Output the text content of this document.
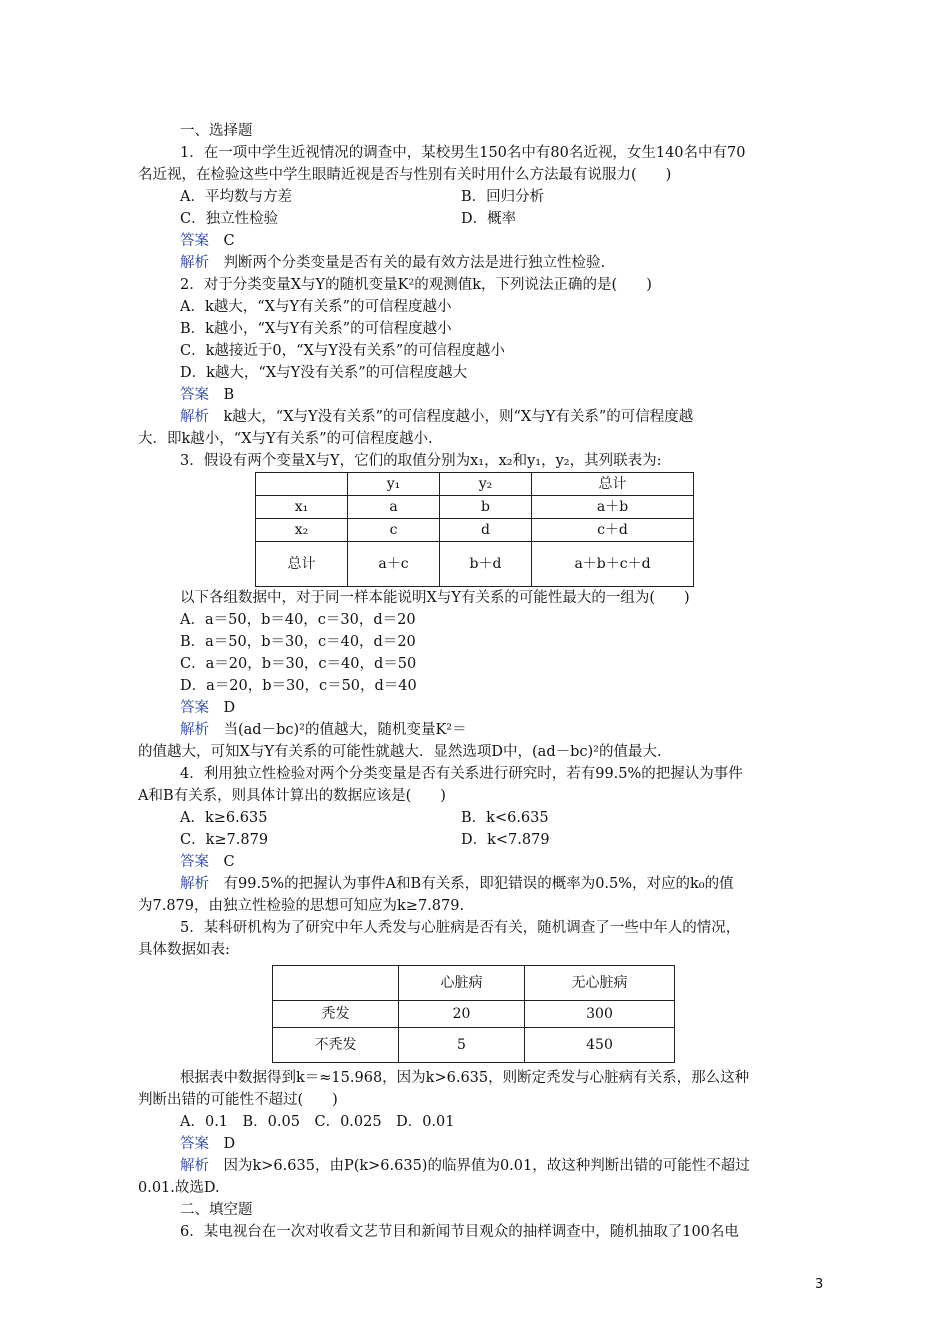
一、选择题

1．在一项中学生近视情况的调查中，某校男生150名中有80名近视，女生140名中有70

名近视，在检验这些中学生眼睛近视是否与性别有关时用什么方法最有说服力(　　)

A．平均数与方差	B．回归分析
C．独立性检验	D．概率

答案　 C

解析　 判断两个分类变量是否有关的最有效方法是进行独立性检验.

2．对于分类变量X与Y的随机变量K²的观测值k，下列说法正确的是(　　)

A．k越大，“X与Y有关系”的可信程度越小

B．k越小，“X与Y有关系”的可信程度越小

C．k越接近于0，“X与Y没有关系”的可信程度越小

D．k越大，“X与Y没有关系”的可信程度越大

答案　 B

解析　 k越大，“X与Y没有关系”的可信程度越小，则“X与Y有关系”的可信程度越

大．即k越小，“X与Y有关系”的可信程度越小.

3．假设有两个变量X与Y，它们的取值分别为x₁，x₂和y₁，y₂，其列联表为:

	y₁	y₂	总计
x₁	a	b	a＋b
x₂	c	d	c＋d
总计	a＋c	b＋d	a＋b＋c＋d

以下各组数据中，对于同一样本能说明X与Y有关系的可能性最大的一组为(　　)

A．a＝50，b＝40，c＝30，d＝20

B．a＝50，b＝30，c＝40，d＝20

C．a＝20，b＝30，c＝40，d＝50

D．a＝20，b＝30，c＝50，d＝40

答案　 D

解析　 当(ad－bc)²的值越大，随机变量K²＝

的值越大，可知X与Y有关系的可能性就越大．显然选项D中，(ad－bc)²的值最大.

4．利用独立性检验对两个分类变量是否有关系进行研究时，若有99.5%的把握认为事件

A和B有关系，则具体计算出的数据应该是(　　)

A．k≥6.635	B．k<6.635
C．k≥7.879	D．k<7.879

答案　 C

解析　 有99.5%的把握认为事件A和B有关系，即犯错误的概率为0.5%，对应的k₀的值

为7.879，由独立性检验的思想可知应为k≥7.879.

5．某科研机构为了研究中年人秃发与心脏病是否有关，随机调查了一些中年人的情况，

具体数据如表:

	心脏病	无心脏病
秃发	20	300
不秃发	5	450

根据表中数据得到k＝≈15.968，因为k>6.635，则断定秃发与心脏病有关系，那么这种

判断出错的可能性不超过(　　)

A．0.1　B．0.05　C．0.025　D．0.01

答案　 D

解析　 因为k>6.635，由P(k>6.635)的临界值为0.01，故这种判断出错的可能性不超过

0.01.故选D.

二、填空题

6．某电视台在一次对收看文艺节目和新闻节目观众的抽样调查中，随机抽取了100名电

3
